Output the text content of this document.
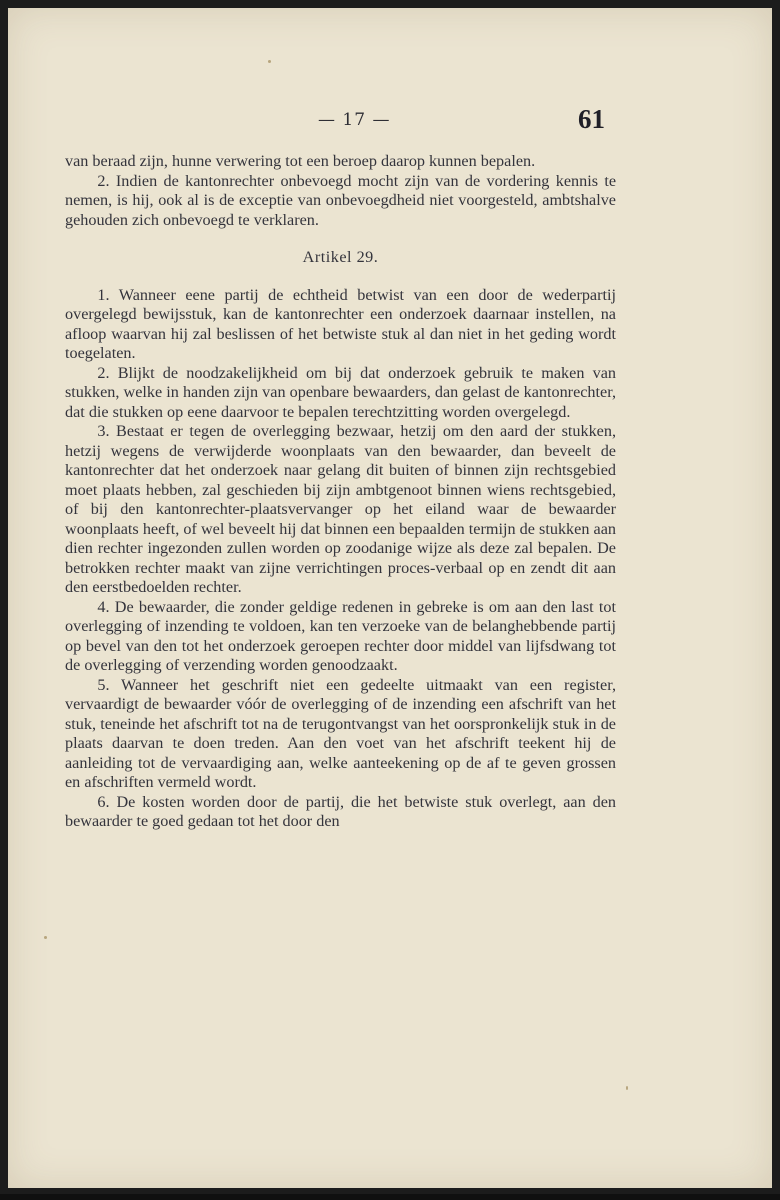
— 17 —	61

van beraad zijn, hunne verwering tot een beroep daarop kunnen bepalen.

2. Indien de kantonrechter onbevoegd mocht zijn van de vordering kennis te nemen, is hij, ook al is de exceptie van onbevoegdheid niet voorgesteld, ambtshalve gehouden zich onbevoegd te verklaren.

Artikel 29.

1. Wanneer eene partij de echtheid betwist van een door de wederpartij overgelegd bewijsstuk, kan de kantonrechter een onderzoek daarnaar instellen, na afloop waarvan hij zal beslissen of het betwiste stuk al dan niet in het geding wordt toegelaten.

2. Blijkt de noodzakelijkheid om bij dat onderzoek gebruik te maken van stukken, welke in handen zijn van openbare bewaarders, dan gelast de kantonrechter, dat die stukken op eene daarvoor te bepalen terechtzitting worden overgelegd.

3. Bestaat er tegen de overlegging bezwaar, hetzij om den aard der stukken, hetzij wegens de verwijderde woonplaats van den bewaarder, dan beveelt de kantonrechter dat het onderzoek naar gelang dit buiten of binnen zijn rechtsgebied moet plaats hebben, zal geschieden bij zijn ambtgenoot binnen wiens rechtsgebied, of bij den kantonrechter-plaatsvervanger op het eiland waar de bewaarder woonplaats heeft, of wel beveelt hij dat binnen een bepaalden termijn de stukken aan dien rechter ingezonden zullen worden op zoodanige wijze als deze zal bepalen. De betrokken rechter maakt van zijne verrichtingen proces-verbaal op en zendt dit aan den eerstbedoelden rechter.

4. De bewaarder, die zonder geldige redenen in gebreke is om aan den last tot overlegging of inzending te voldoen, kan ten verzoeke van de belanghebbende partij op bevel van den tot het onderzoek geroepen rechter door middel van lijfsdwang tot de overlegging of verzending worden genoodzaakt.

5. Wanneer het geschrift niet een gedeelte uitmaakt van een register, vervaardigt de bewaarder vóór de overlegging of de inzending een afschrift van het stuk, teneinde het afschrift tot na de terugontvangst van het oorspronkelijk stuk in de plaats daarvan te doen treden. Aan den voet van het afschrift teekent hij de aanleiding tot de vervaardiging aan, welke aanteekening op de af te geven grossen en afschriften vermeld wordt.

6. De kosten worden door de partij, die het betwiste stuk overlegt, aan den bewaarder te goed gedaan tot het door den
